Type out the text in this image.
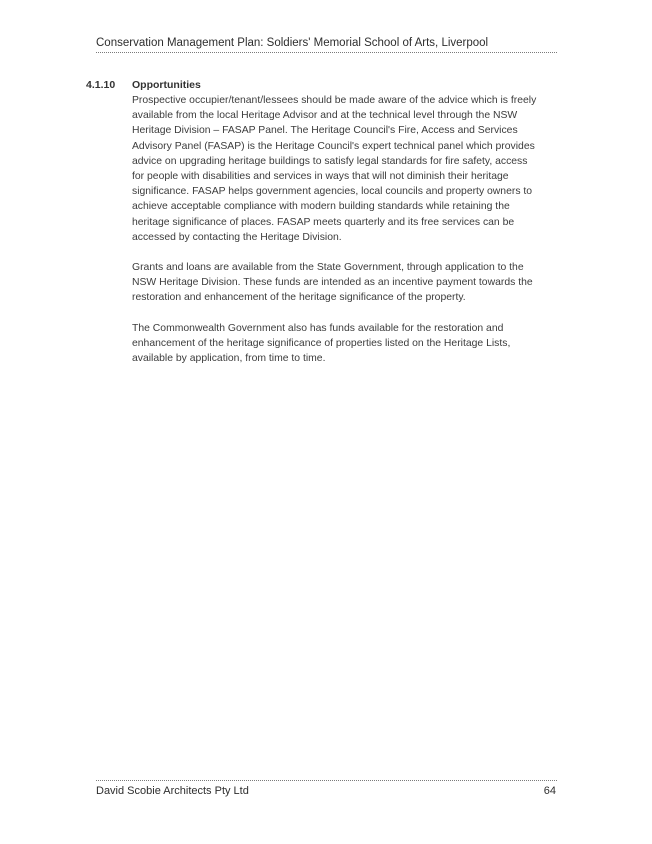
Conservation Management Plan: Soldiers' Memorial School of Arts, Liverpool
4.1.10 Opportunities

Prospective occupier/tenant/lessees should be made aware of the advice which is freely
available from the local Heritage Advisor and at the technical level through the NSW
Heritage Division – FASAP Panel. The Heritage Council's Fire, Access and Services
Advisory Panel (FASAP) is the Heritage Council's expert technical panel which provides
advice on upgrading heritage buildings to satisfy legal standards for fire safety, access
for people with disabilities and services in ways that will not diminish their heritage
significance. FASAP helps government agencies, local councils and property owners to
achieve acceptable compliance with modern building standards while retaining the
heritage significance of places. FASAP meets quarterly and its free services can be
accessed by contacting the Heritage Division.

Grants and loans are available from the State Government, through application to the
NSW Heritage Division. These funds are intended as an incentive payment towards the
restoration and enhancement of the heritage significance of the property.

The Commonwealth Government also has funds available for the restoration and
enhancement of the heritage significance of properties listed on the Heritage Lists,
available by application, from time to time.

David Scobie Architects Pty Ltd	64
